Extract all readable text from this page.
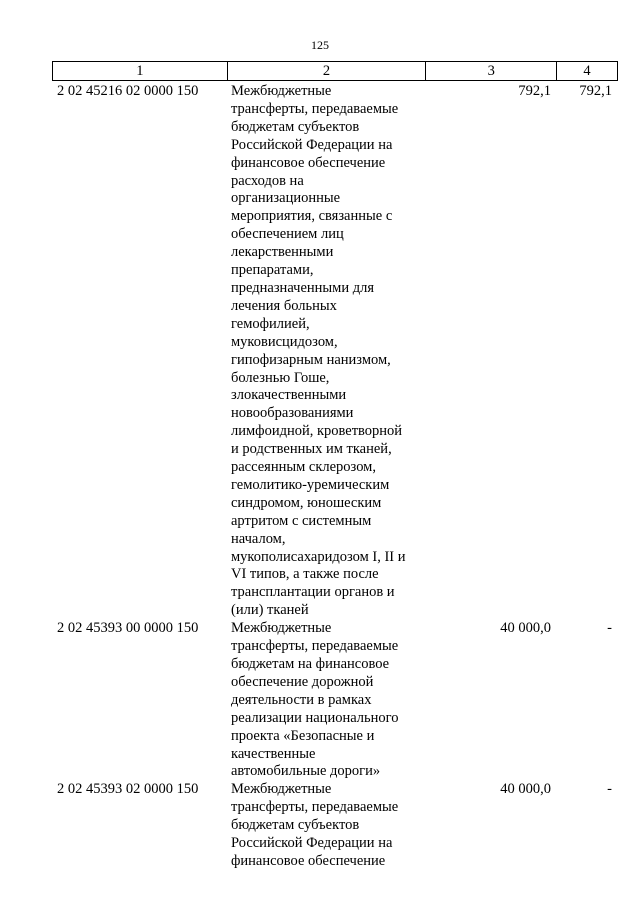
125
1	2	3	4
2 02 45216 02 0000 150	Межбюджетные
трансферты, передаваемые
бюджетам субъектов
Российской Федерации на
финансовое обеспечение
расходов на
организационные
мероприятия, связанные с
обеспечением лиц
лекарственными
препаратами,
предназначенными для
лечения больных
гемофилией,
муковисцидозом,
гипофизарным нанизмом,
болезнью Гоше,
злокачественными
новообразованиями
лимфоидной, кроветворной
и родственных им тканей,
рассеянным склерозом,
гемолитико-уремическим
синдромом, юношеским
артритом с системным
началом,
мукополисахаридозом I, II и
VI типов, а также после
трансплантации органов и
(или) тканей
792,1	792,1
2 02 45393 00 0000 150	Межбюджетные
трансферты, передаваемые
бюджетам на финансовое
обеспечение дорожной
деятельности в рамках
реализации национального
проекта «Безопасные и
качественные
автомобильные дороги»
40 000,0	-
2 02 45393 02 0000 150	Межбюджетные
трансферты, передаваемые
бюджетам субъектов
Российской Федерации на
финансовое обеспечение
40 000,0	-
